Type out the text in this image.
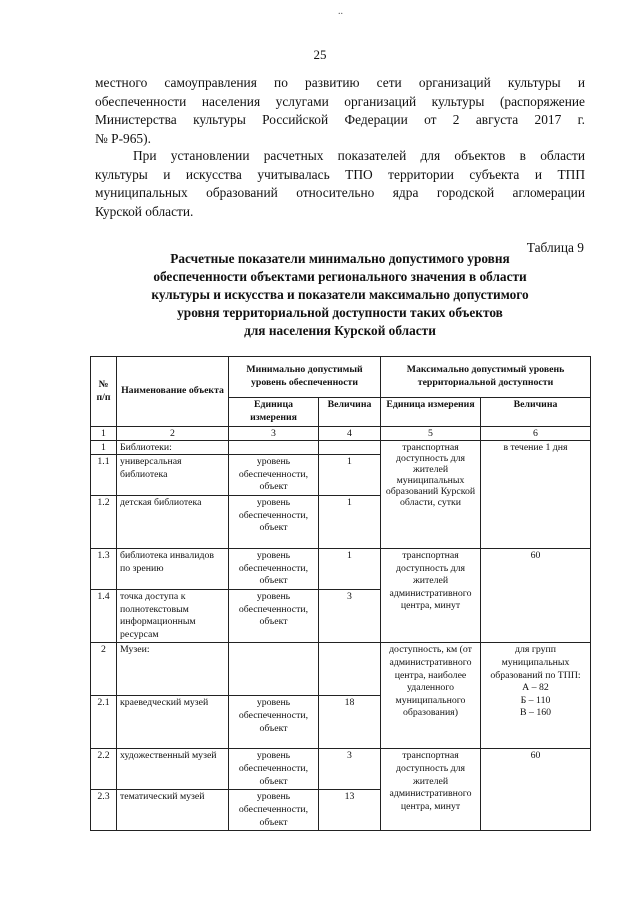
..
25
местного самоуправления по развитию сети организаций культуры и
обеспеченности населения услугами организаций культуры (распоряжение
Министерства культуры Российской Федерации от 2 августа 2017 г.
№ Р-965).
При установлении расчетных показателей для объектов в области
культуры и искусства учитывалась ТПО территории субъекта и ТПП
муниципальных образований относительно ядра городской агломерации
Курской области.
Таблица 9
Расчетные показатели минимально допустимого уровня
обеспеченности объектами регионального значения в области
культуры и искусства и показатели максимально допустимого
уровня территориальной доступности таких объектов
для населения Курской области
№ п/п	Наименование объекта	Минимально допустимый уровень обеспеченности		Максимально допустимый уровень территориальной доступности	
		Единица измерения	Величина	Единица измерения	Величина
1	2	3	4	5	6
1	Библиотеки:			транспортная доступность для жителей муниципальных образований Курской области, сутки	в течение 1 дня
1.1	универсальная библиотека	уровень обеспеченности, объект	1		
1.2	детская библиотека	уровень обеспеченности, объект	1		
1.3	библиотека инвалидов по зрению	уровень обеспеченности, объект	1	транспортная доступность для жителей административного центра, минут	60
1.4	точка доступа к полнотекстовым информационным ресурсам	уровень обеспеченности, объект	3		
2	Музеи:			доступность, км (от административного центра, наиболее удаленного муниципального образования)	для групп муниципальных образований по ТПП:
А – 82
Б – 110
В – 160

2.1	краеведческий музей	уровень обеспеченности, объект	18		
2.2	художественный музей	уровень обеспеченности, объект	3	транспортная доступность для жителей административного центра, минут	60
2.3	тематический музей	уровень обеспеченности, объект	13		
